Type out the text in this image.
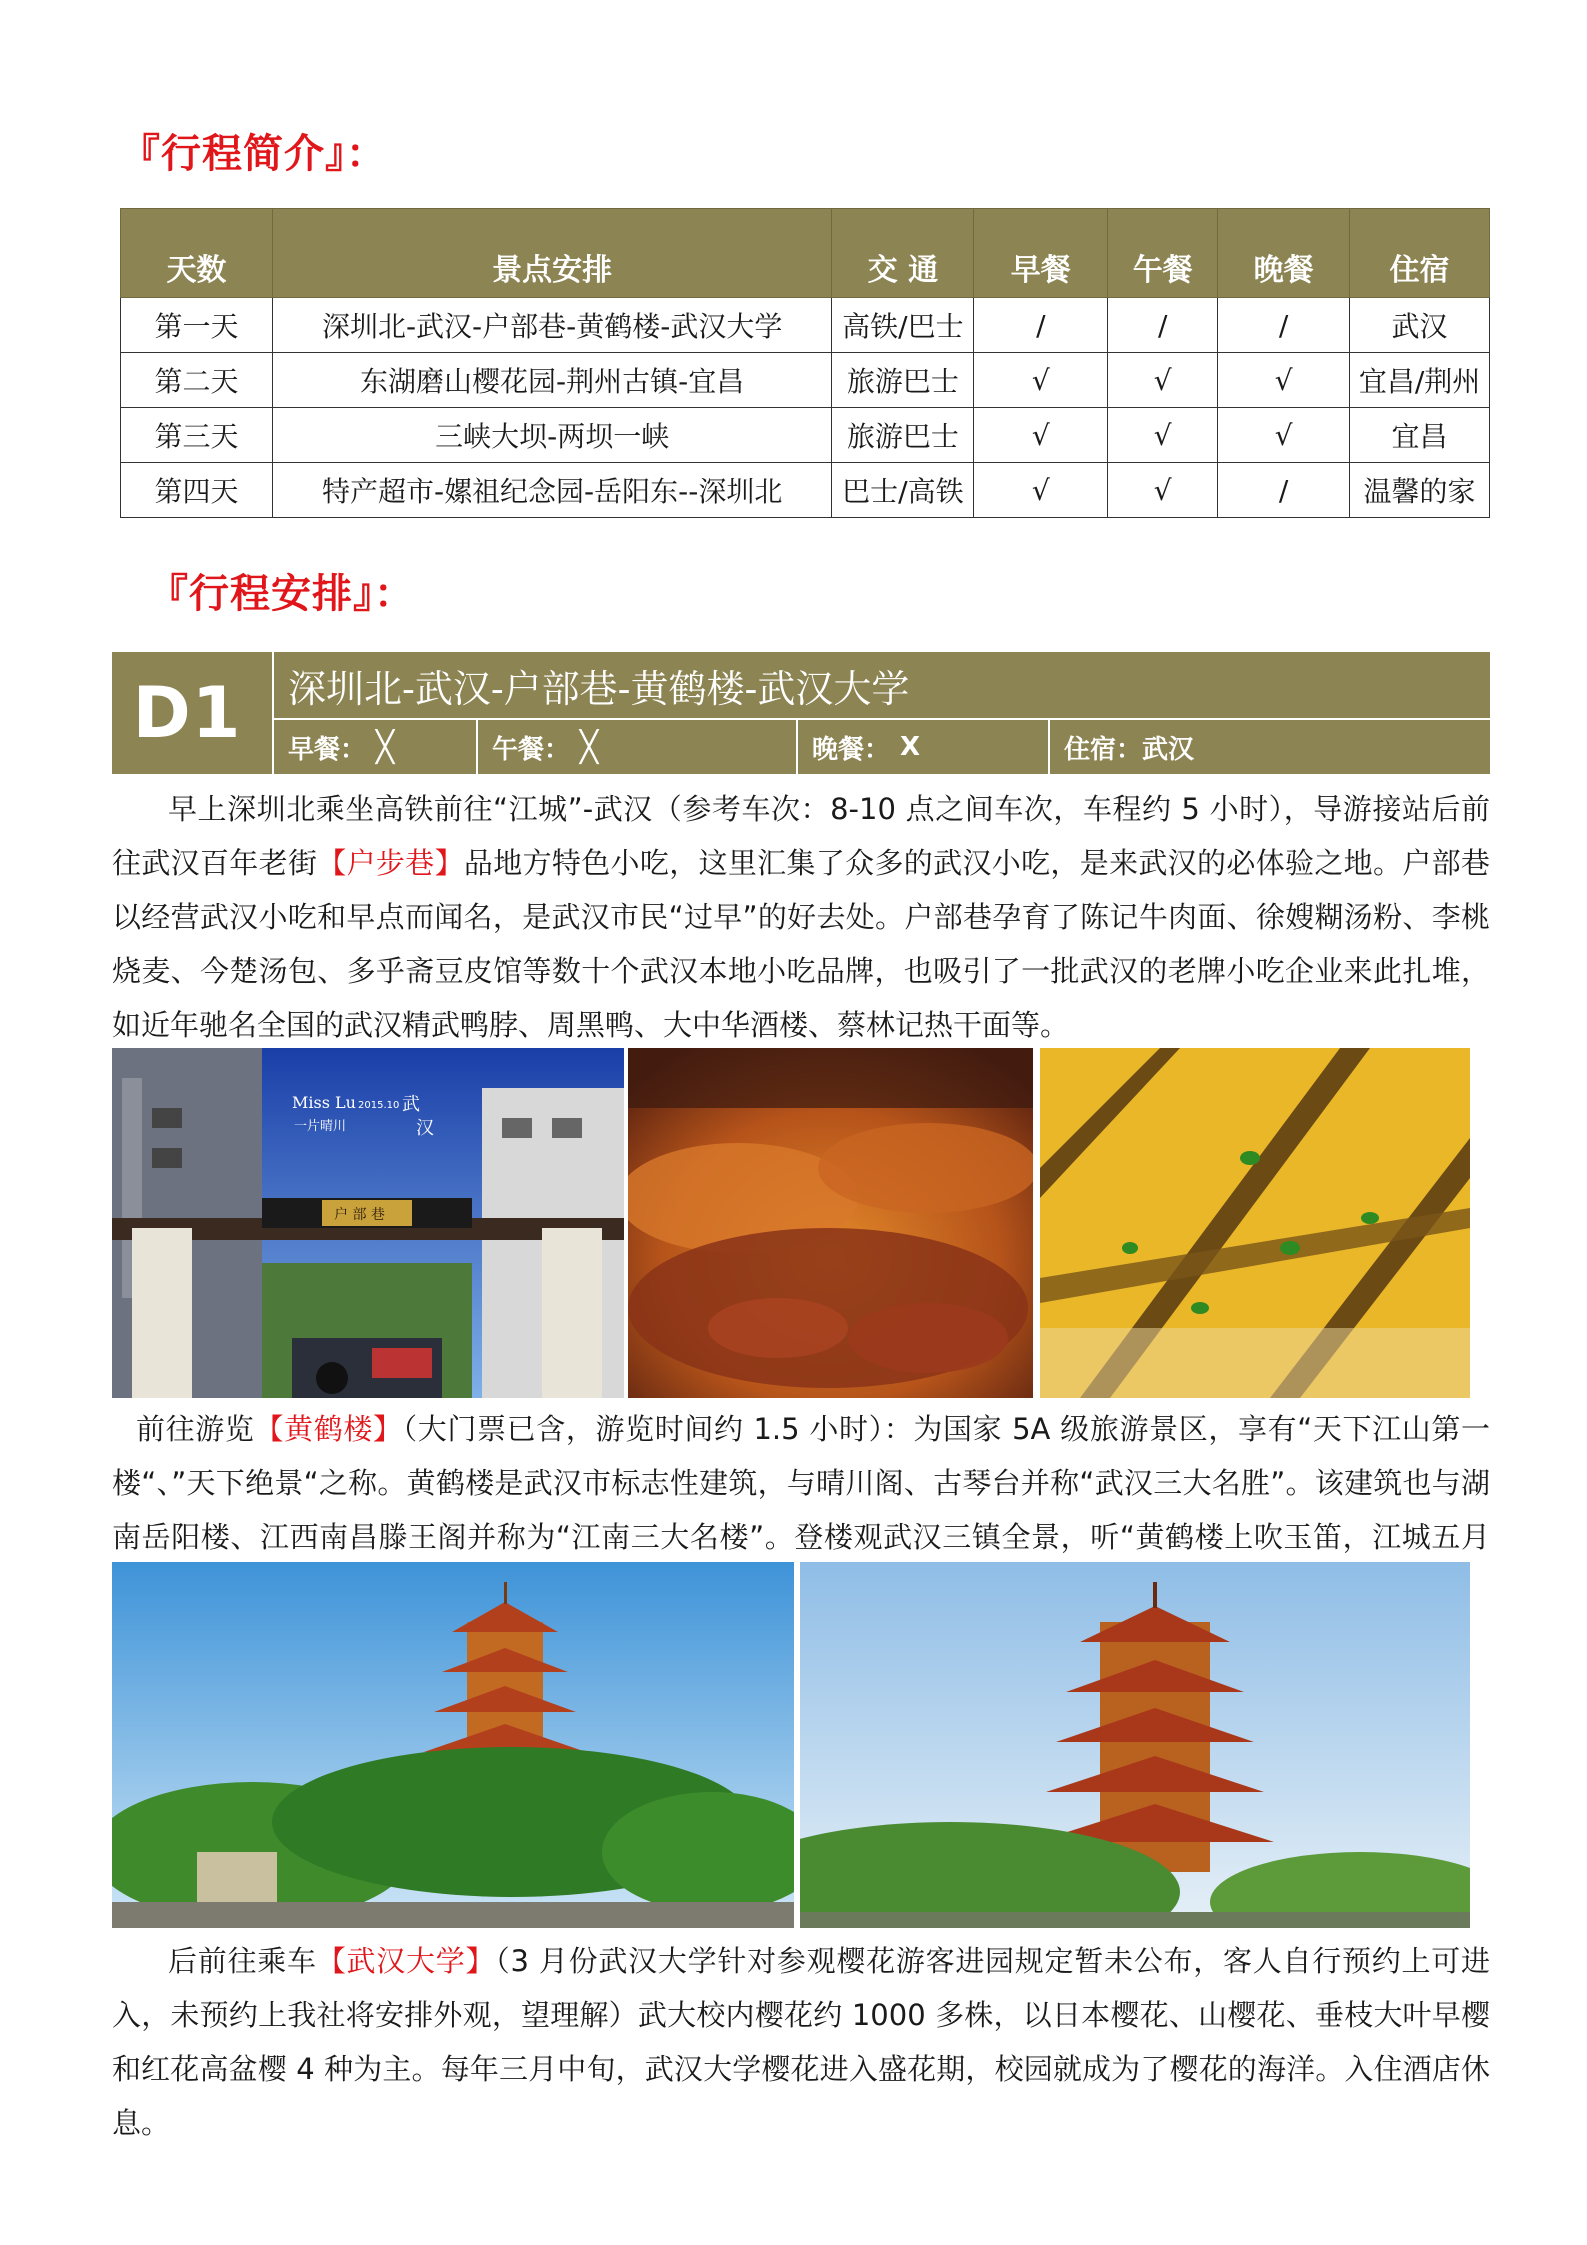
『行程简介』：
天数	景点安排	交 通	早餐	午餐	晚餐	住宿
第一天	深圳北-武汉-户部巷-黄鹤楼-武汉大学	高铁/巴士	/	/	/	武汉
第二天	东湖磨山樱花园-荆州古镇-宜昌	旅游巴士	√	√	√	宜昌/荆州
第三天	三峡大坝-两坝一峡	旅游巴士	√	√	√	宜昌
第四天	特产超市-嫘祖纪念园-岳阳东--深圳北	巴士/高铁	√	√	/	温馨的家
『行程安排』：
D1	深圳北-武汉-户部巷-黄鹤楼-武汉大学
早餐： ╳	午餐： ╳	晚餐： X	住宿： 武汉

早上深圳北乘坐高铁前往“江城”-武汉（参考车次：8-10 点之间车次，车程约 5 小时），导游接站后前往武汉百年老街【户步巷】品地方特色小吃，这里汇集了众多的武汉小吃，是来武汉的必体验之地。户部巷以经营武汉小吃和早点而闻名，是武汉市民“过早”的好去处。户部巷孕育了陈记牛肉面、徐嫂糊汤粉、李桃烧麦、今楚汤包、多乎斋豆皮馆等数十个武汉本地小吃品牌，也吸引了一批武汉的老牌小吃企业来此扎堆，如近年驰名全国的武汉精武鸭脖、周黑鸭、大中华酒楼、蔡林记热干面等。

Miss Lu 2015.10
一片晴川
武
汉
户 部 巷

前往游览【黄鹤楼】（大门票已含，游览时间约 1.5 小时）：为国家 5A 级旅游景区，享有“天下江山第一楼“、”天下绝景“之称。黄鹤楼是武汉市标志性建筑，与晴川阁、古琴台并称“武汉三大名胜”。该建筑也与湖南岳阳楼、江西南昌滕王阁并称为“江南三大名楼”。登楼观武汉三镇全景，听“黄鹤楼上吹玉笛，江城五月

后前往乘车【武汉大学】（3 月份武汉大学针对参观樱花游客进园规定暂未公布，客人自行预约上可进入，未预约上我社将安排外观，望理解）武大校内樱花约 1000 多株，以日本樱花、山樱花、垂枝大叶早樱和红花高盆樱 4 种为主。每年三月中旬，武汉大学樱花进入盛花期，校园就成为了樱花的海洋。入住酒店休息。
